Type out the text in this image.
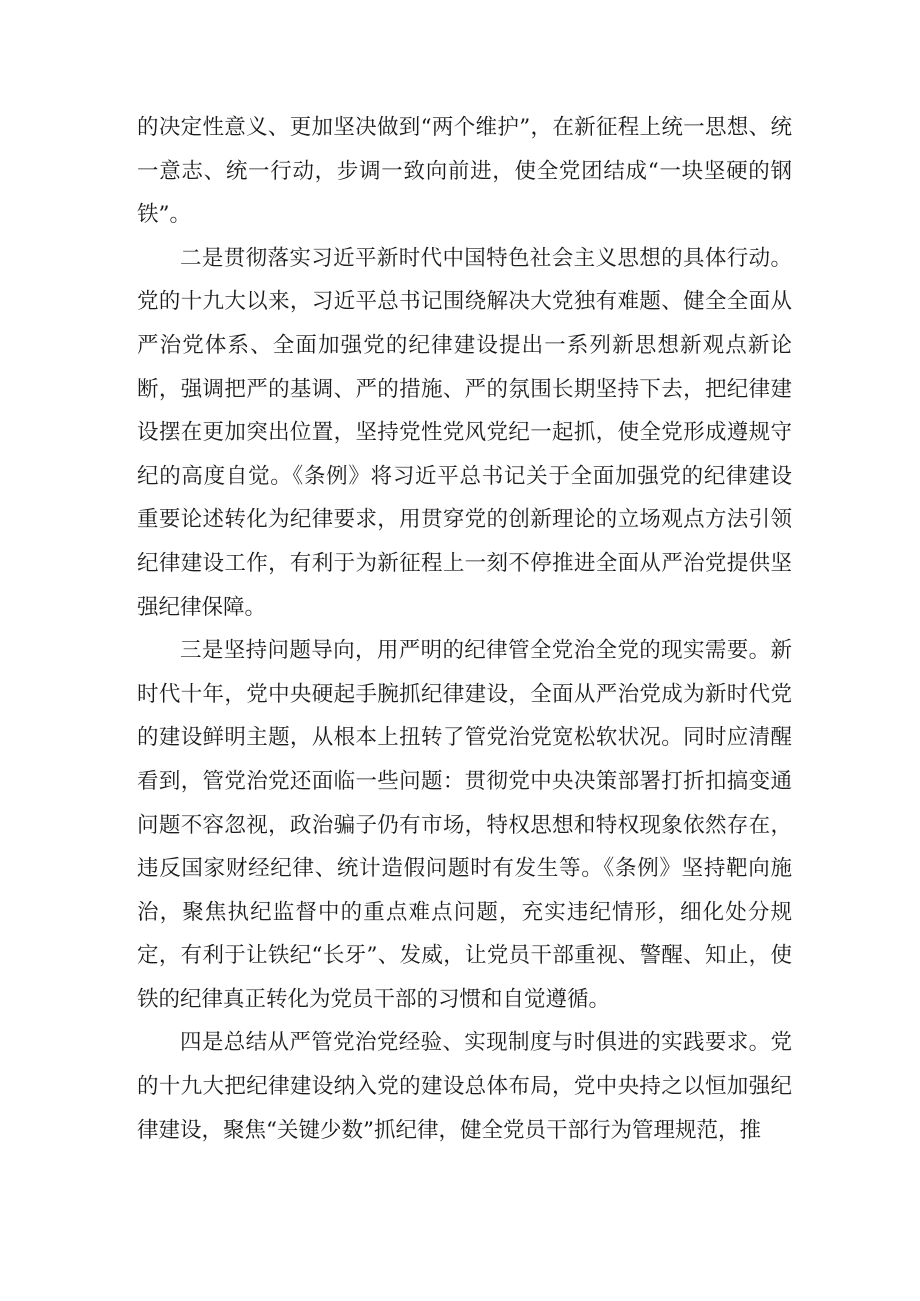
的决定性意义、更加坚决做到“两个维护”，在新征程上统一思想、统一意志、统一行动，步调一致向前进，使全党团结成“一块坚硬的钢铁”。

二是贯彻落实习近平新时代中国特色社会主义思想的具体行动。党的十九大以来，习近平总书记围绕解决大党独有难题、健全全面从严治党体系、全面加强党的纪律建设提出一系列新思想新观点新论断，强调把严的基调、严的措施、严的氛围长期坚持下去，把纪律建设摆在更加突出位置，坚持党性党风党纪一起抓，使全党形成遵规守纪的高度自觉。《条例》将习近平总书记关于全面加强党的纪律建设重要论述转化为纪律要求，用贯穿党的创新理论的立场观点方法引领纪律建设工作，有利于为新征程上一刻不停推进全面从严治党提供坚强纪律保障。

三是坚持问题导向，用严明的纪律管全党治全党的现实需要。新时代十年，党中央硬起手腕抓纪律建设，全面从严治党成为新时代党的建设鲜明主题，从根本上扭转了管党治党宽松软状况。同时应清醒看到，管党治党还面临一些问题：贯彻党中央决策部署打折扣搞变通问题不容忽视，政治骗子仍有市场，特权思想和特权现象依然存在，违反国家财经纪律、统计造假问题时有发生等。《条例》坚持靶向施治，聚焦执纪监督中的重点难点问题，充实违纪情形，细化处分规定，有利于让铁纪“长牙”、发威，让党员干部重视、警醒、知止，使铁的纪律真正转化为党员干部的习惯和自觉遵循。

四是总结从严管党治党经验、实现制度与时俱进的实践要求。党的十九大把纪律建设纳入党的建设总体布局，党中央持之以恒加强纪律建设，聚焦“关键少数”抓纪律，健全党员干部行为管理规范，推
